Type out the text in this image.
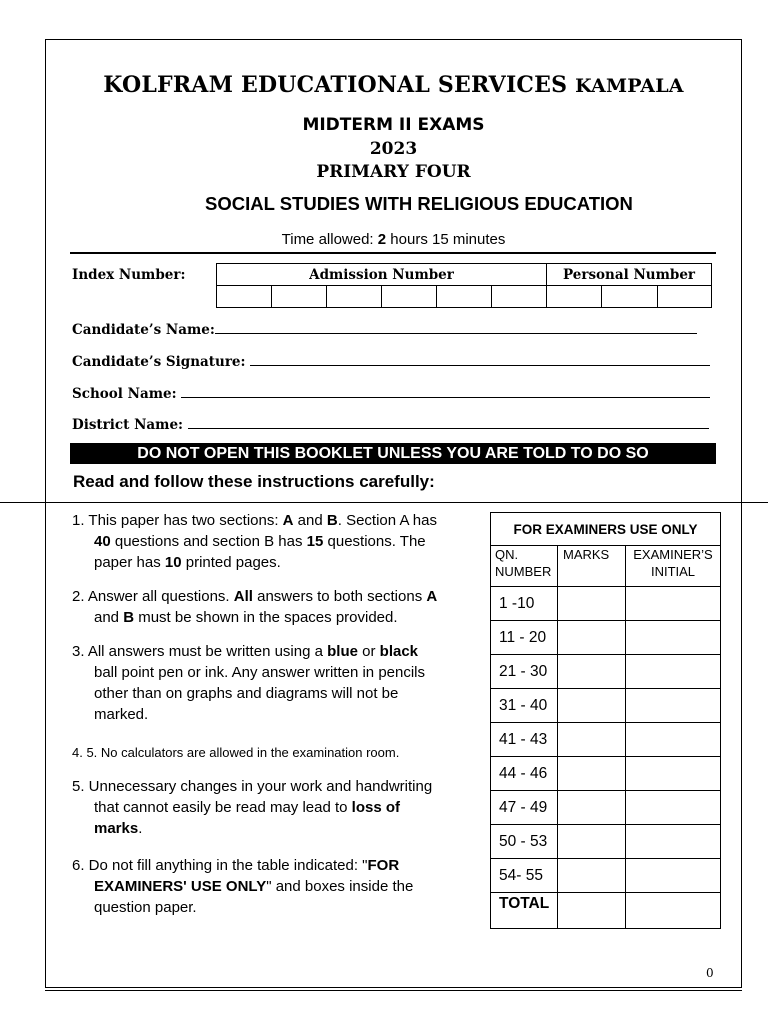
KOLFRAM EDUCATIONAL SERVICES KAMPALA
MIDTERM II EXAMS
2023
PRIMARY FOUR
SOCIAL STUDIES WITH RELIGIOUS EDUCATION
Time allowed: 2 hours 15 minutes
Index Number:	Admission Number						Personal Number		

Candidate’s Name:
Candidate’s Signature:
School Name:
District Name:
DO NOT OPEN THIS BOOKLET UNLESS YOU ARE TOLD TO DO SO
Read and follow these instructions carefully:
1. This paper has two sections: A and B. Section A has
40 questions and section B has 15 questions. The
paper has 10 printed pages.
2. Answer all questions. All answers to both sections A
and B must be shown in the spaces provided.
3. All answers must be written using a blue or black
ball point pen or ink. Any answer written in pencils
other than on graphs and diagrams will not be
marked.
4. 5. No calculators are allowed in the examination room.
5. Unnecessary changes in your work and handwriting
that cannot easily be read may lead to loss of
marks.
6. Do not fill anything in the table indicated: "FOR
EXAMINERS' USE ONLY" and boxes inside the
question paper.
FOR EXAMINERS USE ONLY		
QN. NUMBER	MARKS	EXAMINER’S INITIAL
1 -10		
11 - 20		
21 - 30		
31 - 40		
41 - 43		
44 - 46		
47 - 49		
50 - 53		
54- 55		
TOTAL		
0
